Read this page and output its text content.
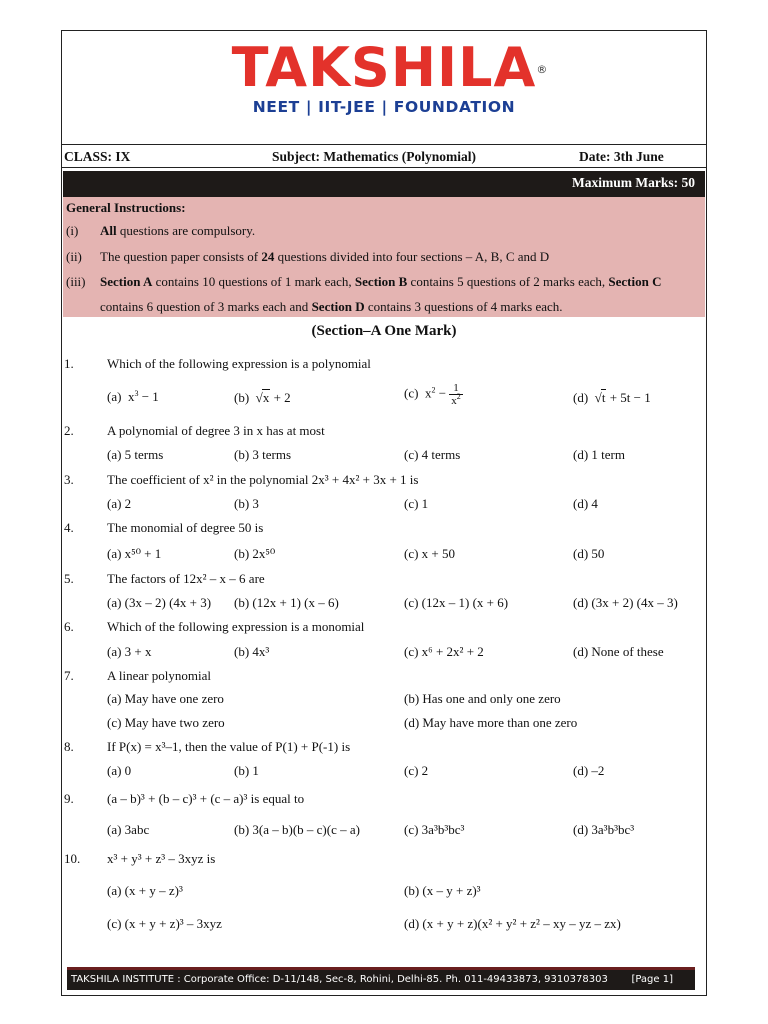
TAKSHILA ®
NEET | IIT-JEE | FOUNDATION
CLASS: IX	Subject: Mathematics (Polynomial)	Date: 3th June
Maximum Marks: 50
General Instructions:
(i) All questions are compulsory.
(ii) The question paper consists of 24 questions divided into four sections – A, B, C and D
(iii) Section A contains 10 questions of 1 mark each, Section B contains 5 questions of 2 marks each, Section C
contains 6 question of 3 marks each and Section D contains 3 questions of 4 marks each.
(Section–A One Mark)
1.	Which of the following expression is a polynomial
(a)  $x^3 - 1$	(b)  √x + 2	(c)  $x^2 - \frac{1}{x^2}$	(d)  √t + 5t − 1
2.	A polynomial of degree 3 in x has at most
(a) 5 terms	(b) 3 terms	(c) 4 terms	(d) 1 term
3.	The coefficient of x² in the polynomial 2x³ + 4x² + 3x + 1 is
(a) 2	(b) 3	(c) 1	(d) 4
4.	The monomial of degree 50 is
(a) x⁵⁰ + 1	(b) 2x⁵⁰	(c) x + 50	(d) 50
5.	The factors of 12x² – x – 6 are
(a) (3x – 2) (4x + 3) (b) (12x + 1) (x – 6)	(c) (12x – 1) (x + 6)	(d) (3x + 2) (4x – 3)
6.	Which of the following expression is a monomial
(a) 3 + x	(b) 4x³	(c) x⁶ + 2x² + 2	(d) None of these
7.	A linear polynomial
(a) May have one zero	(b) Has one and only one zero
(c) May have two zero	(d) May have more than one zero
8.	If P(x) = x³–1, then the value of P(1) + P(-1) is
(a) 0	(b) 1	(c) 2	(d) –2
9.	(a – b)³ + (b – c)³ + (c – a)³ is equal to
(a) 3abc	(b) 3(a – b)(b – c)(c – a)	(c) 3a³b³bc³	(d) 3a³b³bc³
10. x³ + y³ + z³ – 3xyz is
(a) (x + y – z)³	(b) (x – y + z)³
(c) (x + y + z)³ – 3xyz	(d) (x + y + z)(x² + y² + z² – xy – yz – zx)
TAKSHILA INSTITUTE : Corporate Office: D-11/148, Sec-8, Rohini, Delhi-85. Ph. 011-49433873, 9310378303 [Page 1]
